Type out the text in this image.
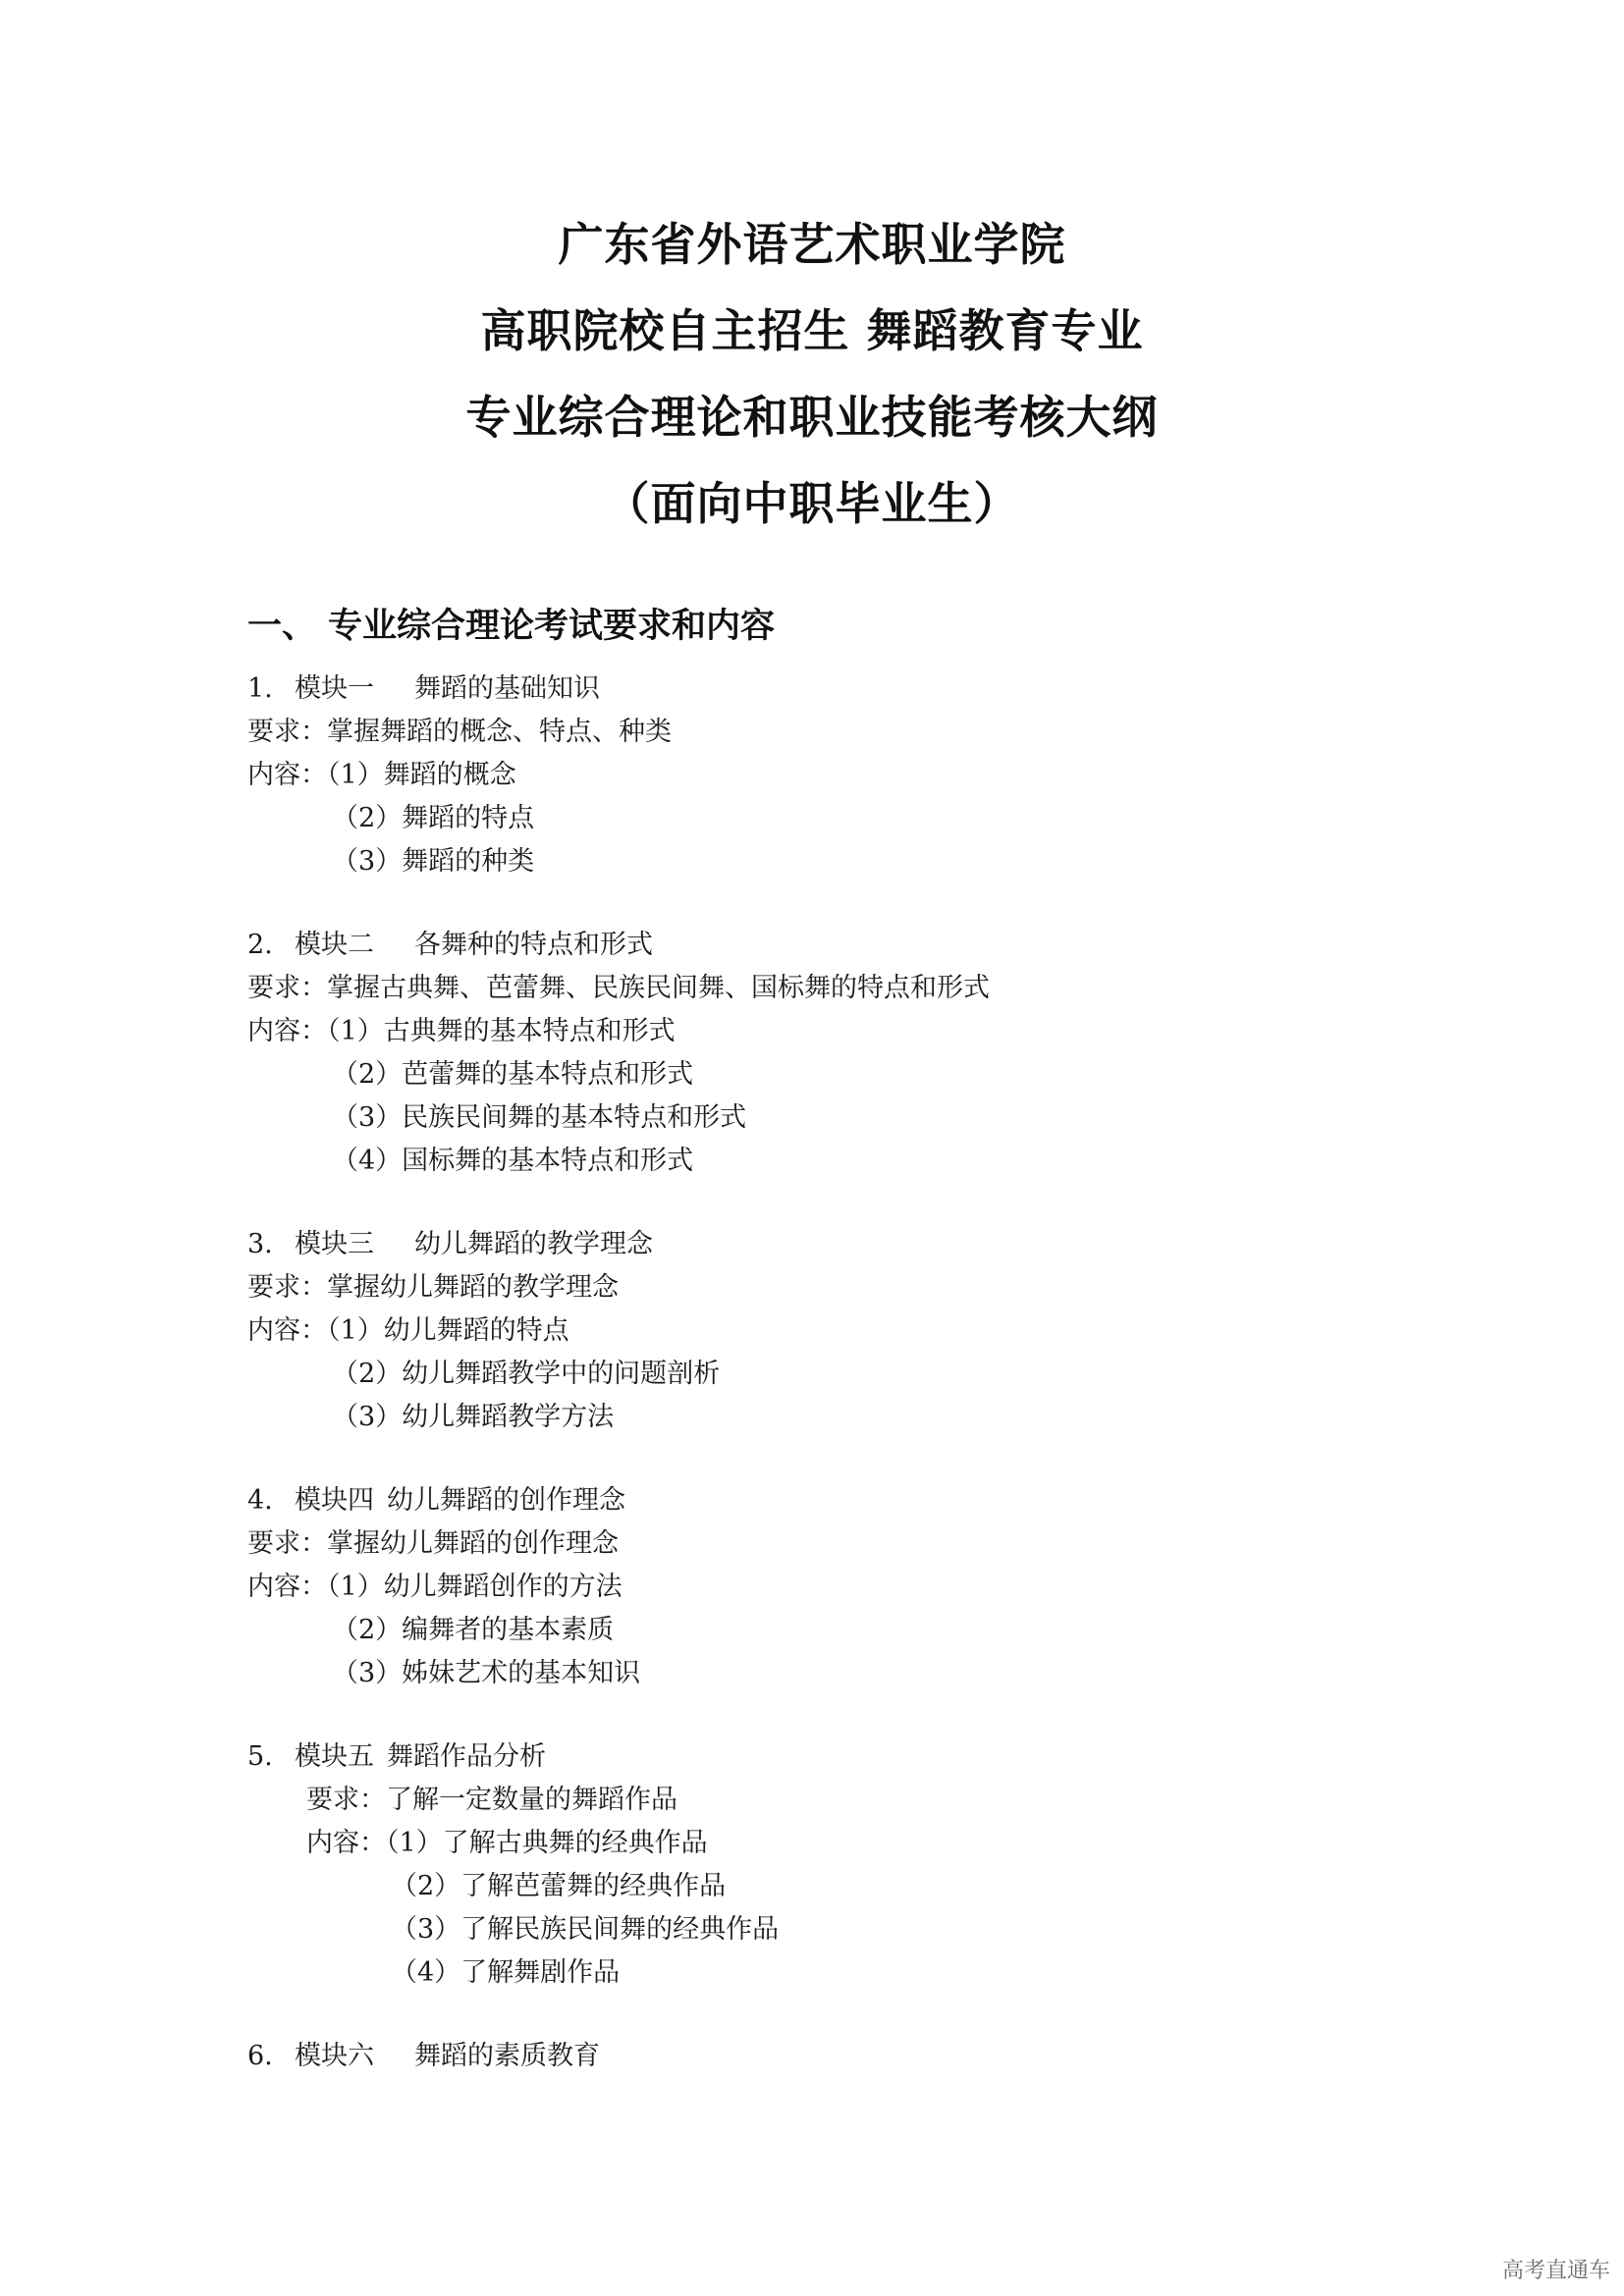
广东省外语艺术职业学院
高职院校自主招生 舞蹈教育专业
专业综合理论和职业技能考核大纲
（面向中职毕业生）
一、 专业综合理论考试要求和内容
1. 模块一 舞蹈的基础知识
要求：掌握舞蹈的概念、特点、种类
内容：（1）舞蹈的概念
（2）舞蹈的特点
（3）舞蹈的种类
2. 模块二 各舞种的特点和形式
要求：掌握古典舞、芭蕾舞、民族民间舞、国标舞的特点和形式
内容：（1）古典舞的基本特点和形式
（2）芭蕾舞的基本特点和形式
（3）民族民间舞的基本特点和形式
（4）国标舞的基本特点和形式
3. 模块三 幼儿舞蹈的教学理念
要求：掌握幼儿舞蹈的教学理念
内容：（1）幼儿舞蹈的特点
（2）幼儿舞蹈教学中的问题剖析
（3）幼儿舞蹈教学方法
4. 模块四 幼儿舞蹈的创作理念
要求：掌握幼儿舞蹈的创作理念
内容：（1）幼儿舞蹈创作的方法
（2）编舞者的基本素质
（3）姊妹艺术的基本知识
5. 模块五 舞蹈作品分析
要求：了解一定数量的舞蹈作品
内容：（1）了解古典舞的经典作品
（2）了解芭蕾舞的经典作品
（3）了解民族民间舞的经典作品
（4）了解舞剧作品
6. 模块六 舞蹈的素质教育
高考直通车
